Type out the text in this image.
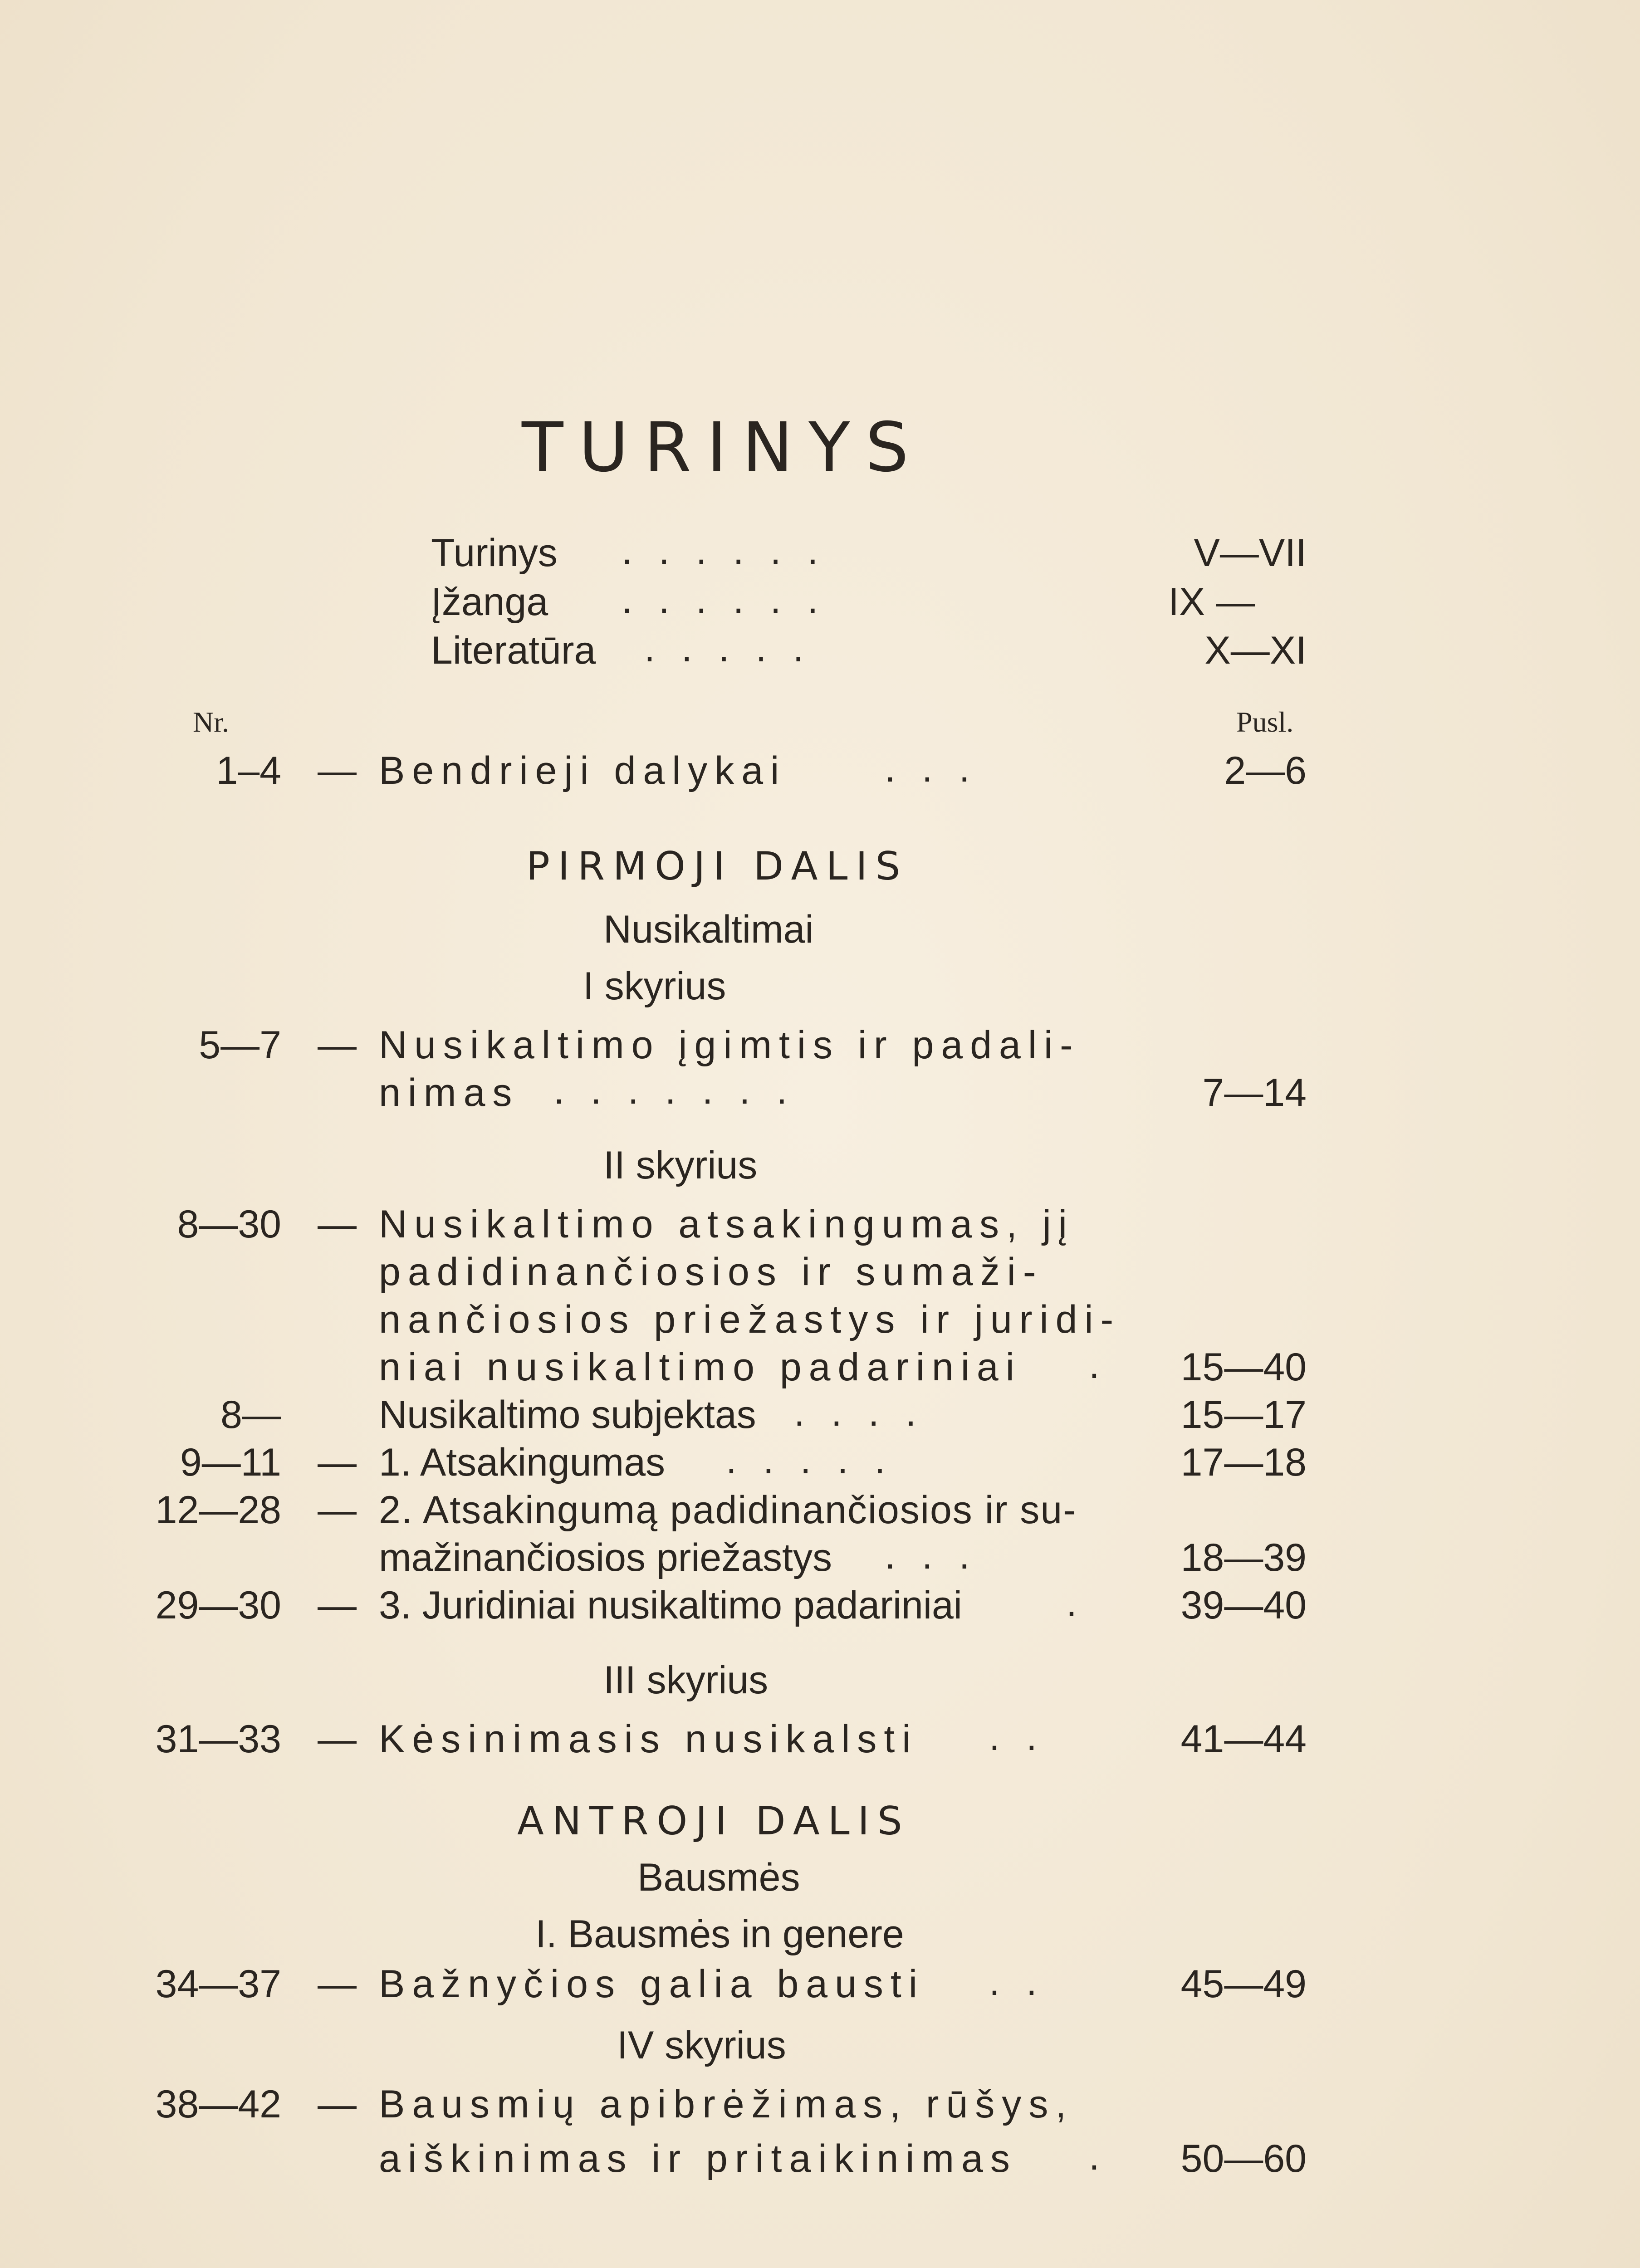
TURINYS
Turinys ......	V—VII
Įžanga ......	IX —
Literatūra .....	X—XI
Nr.	Pusl.
1–4 — Bendrieji dalykai	...	2—6
PIRMOJI DALIS
Nusikaltimai
I skyrius
5—7 — Nusikaltimo įgimtis ir padali-
nimas .......	7—14
II skyrius
8—30 — Nusikaltimo atsakingumas, jį
padidinančiosios ir sumaži-
nančiosios priežastys ir juridi-
niai nusikaltimo padariniai .	15—40
8—	Nusikaltimo subjektas ....	15—17
9—11 — 1. Atsakingumas .....	17—18
12—28 — 2. Atsakingumą padidinančiosios ir su-
mažinančiosios priežastys ...	18—39
29—30 — 3. Juridiniai nusikaltimo padariniai	.	39—40
III skyrius
31—33 — Kėsinimasis nusikalsti ..	41—44
ANTROJI DALIS
Bausmės
I. Bausmės in genere
34—37 — Bažnyčios galia bausti ..	45—49
IV skyrius
38—42 — Bausmių apibrėžimas, rūšys,
aiškinimas ir pritaikinimas .	50—60
